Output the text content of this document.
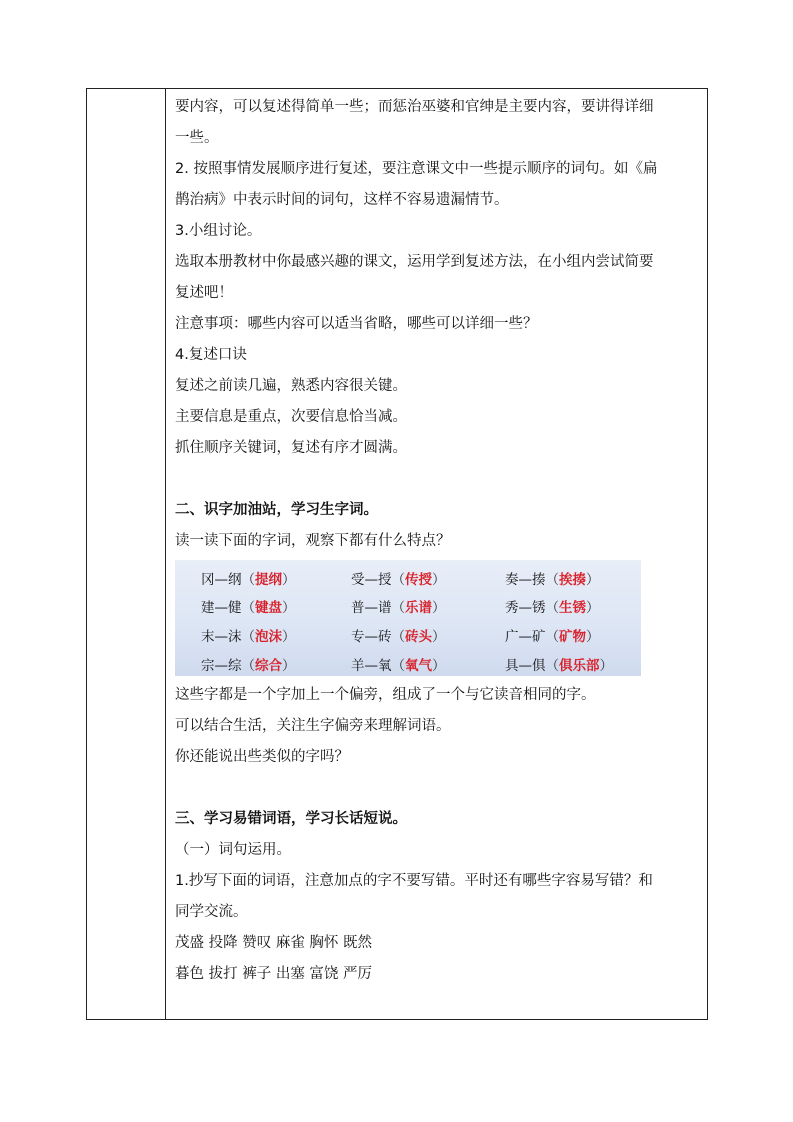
要内容，可以复述得简单一些；而惩治巫婆和官绅是主要内容，要讲得详细
一些。
2. 按照事情发展顺序进行复述，要注意课文中一些提示顺序的词句。如《扁
鹊治病》中表示时间的词句，这样不容易遗漏情节。
3.小组讨论。
选取本册教材中你最感兴趣的课文，运用学到复述方法，在小组内尝试简要
复述吧！
注意事项：哪些内容可以适当省略，哪些可以详细一些？
4.复述口诀
复述之前读几遍，熟悉内容很关键。
主要信息是重点，次要信息恰当减。
抓住顺序关键词，复述有序才圆满。
二、识字加油站，学习生字词。
读一读下面的字词，观察下都有什么特点？
冈—纲（提纲）	受—授（传授）	奏—揍（挨揍）
建—健（键盘）	普—谱（乐谱）	秀—锈（生锈）
末—沫（泡沫）	专—砖（砖头）	广—矿（矿物）
宗—综（综合）	羊—氧（氧气）	具—俱（俱乐部）
这些字都是一个字加上一个偏旁，组成了一个与它读音相同的字。
可以结合生活，关注生字偏旁来理解词语。
你还能说出些类似的字吗？
三、学习易错词语，学习长话短说。
（一）词句运用。
1.抄写下面的词语，注意加点的字不要写错。平时还有哪些字容易写错？和
同学交流。
茂盛 投降 赞叹 麻雀 胸怀 既然
暮色 拔打 裤子 出塞 富饶 严厉
